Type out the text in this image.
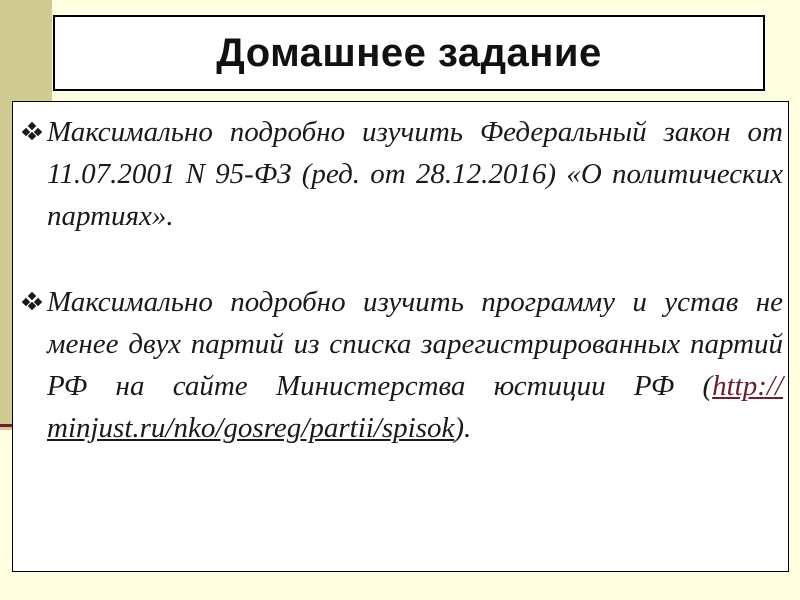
Домашнее задание
Максимально подробно изучить Федеральный закон от 11.07.2001 N 95-ФЗ (ред. от 28.12.2016) «О политических партиях».
Максимально подробно изучить программу и устав не менее двух партий из списка зарегистрированных партий РФ на сайте Министерства юстиции РФ (http:// minjust.ru/nko/gosreg/partii/spisok).
